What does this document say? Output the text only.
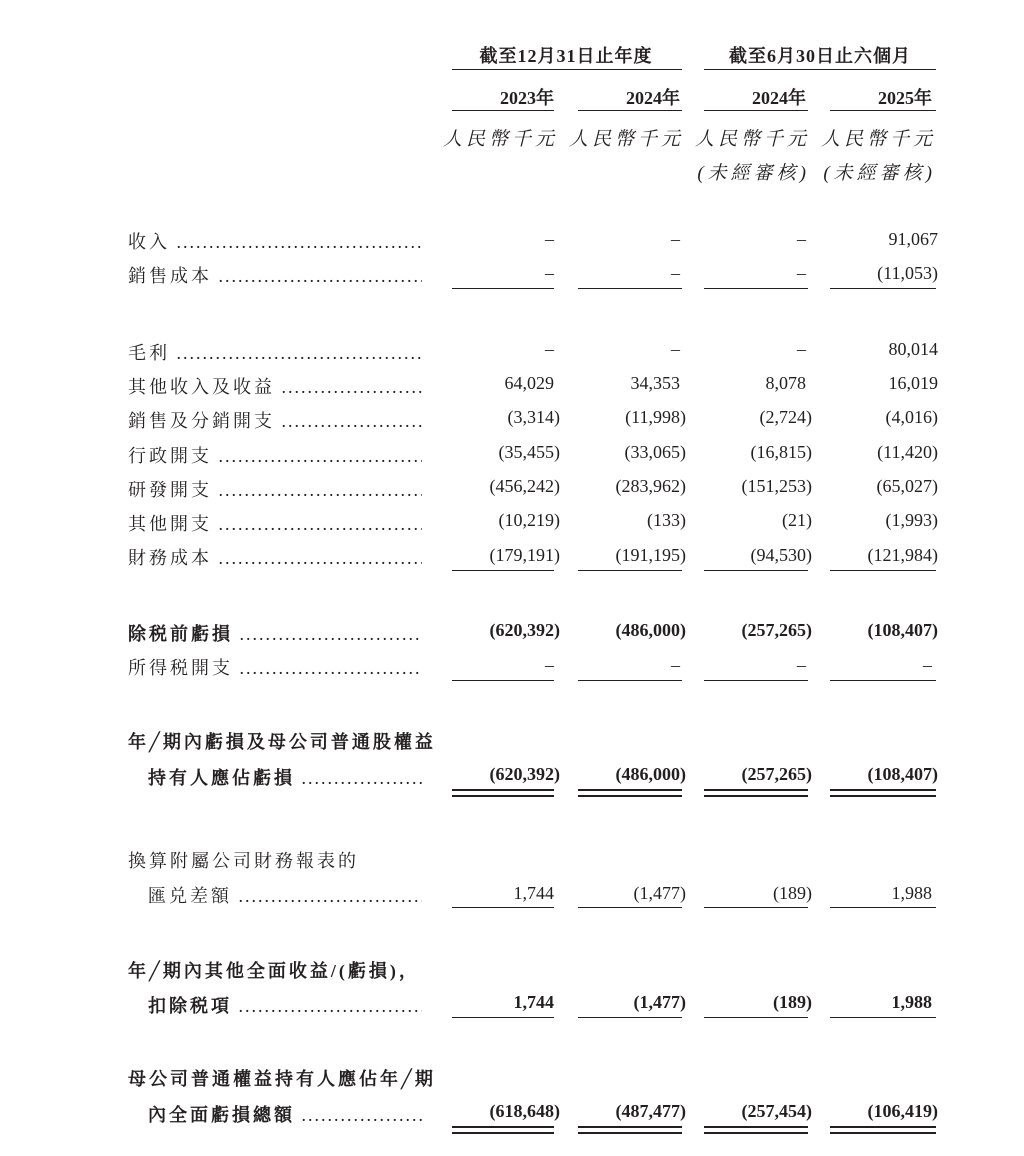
截至12月31日止年度	截至6月30日止六個月
2023年	2024年	2024年	2025年
人民幣千元 人民幣千元 人民幣千元 人民幣千元
(未經審核) (未經審核)
收入 .....	–	–	–	91,067
銷售成本 .....	–	–	–	(11,053)
毛利 .....	–	–	–	80,014
其他收入及收益 .....	64,029	34,353	8,078	16,019
銷售及分銷開支 .....	(3,314)	(11,998)	(2,724)	(4,016)
行政開支 .....	(35,455)	(33,065)	(16,815)	(11,420)
研發開支 .....	(456,242)	(283,962)	(151,253)	(65,027)
其他開支 .....	(10,219)	(133)	(21)	(1,993)
財務成本 .....	(179,191)	(191,195)	(94,530)	(121,984)
除税前虧損 .....	(620,392)	(486,000)	(257,265)	(108,407)
所得税開支 .....	–	–	–	–
年╱期內虧損及母公司普通股權益
持有人應佔虧損 .....	(620,392)	(486,000)	(257,265)	(108,407)
換算附屬公司財務報表的
匯兑差額 .....	1,744	(1,477)	(189)	1,988
年╱期內其他全面收益/(虧損)，
扣除税項 .....	1,744	(1,477)	(189)	1,988
母公司普通權益持有人應佔年╱期
內全面虧損總額 .....	(618,648)	(487,477)	(257,454)	(106,419)
